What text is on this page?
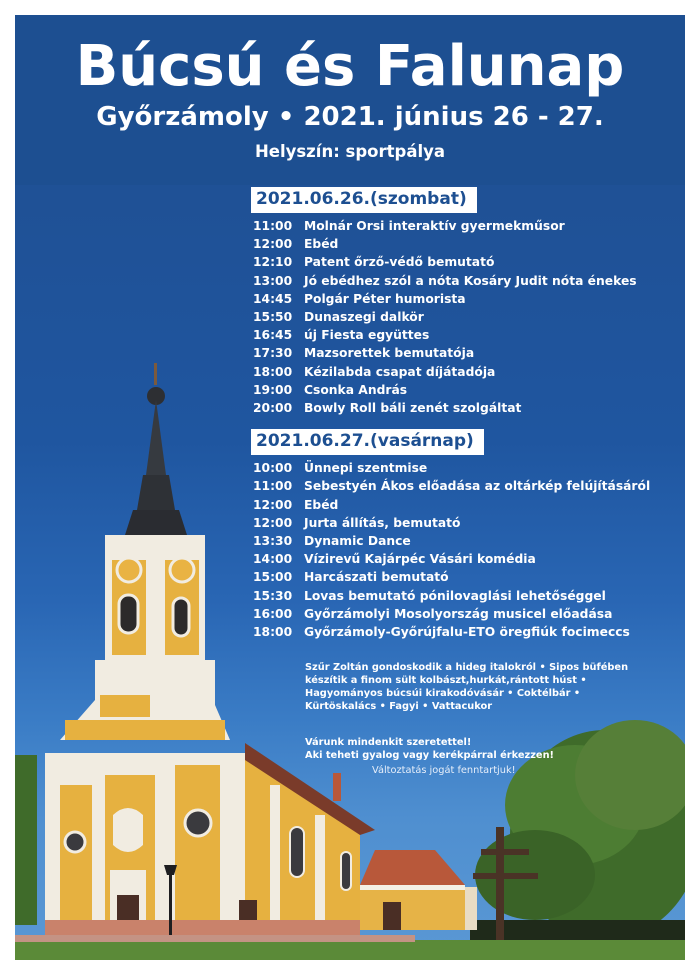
Búcsú és Falunap
Győrzámoly • 2021. június 26 - 27.
Helyszín: sportpálya
2021.06.26.(szombat)
11:00 Molnár Orsi interaktív gyermekműsor
12:00 Ebéd
12:10 Patent őrző-védő bemutató
13:00 Jó ebédhez szól a nóta Kosáry Judit nóta énekes
14:45 Polgár Péter humorista
15:50 Dunaszegi dalkör
16:45 új Fiesta együttes
17:30 Mazsorettek bemutatója
18:00 Kézilabda csapat díjátadója
19:00 Csonka András
20:00 Bowly Roll báli zenét szolgáltat
2021.06.27.(vasárnap)
10:00 Ünnepi szentmise
11:00 Sebestyén Ákos előadása az oltárkép felújításáról
12:00 Ebéd
12:00 Jurta állítás, bemutató
13:30 Dynamic Dance
14:00 Vízirevű Kajárpéc Vásári komédia
15:00 Harcászati bemutató
15:30 Lovas bemutató pónilovaglási lehetőséggel
16:00 Győrzámolyi Mosolyország musicel előadása
18:00 Győrzámoly-Győrújfalu-ETO öregfiúk focimeccs
Szűr Zoltán gondoskodik a hideg italokról • Sipos büfében
készítik a finom sült kolbászt,hurkát,rántott húst •
Hagyományos búcsúi kirakodóvásár • Coktélbár •
Kürtöskalács • Fagyi • Vattacukor
Várunk mindenkit szeretettel!
Aki teheti gyalog vagy kerékpárral érkezzen!
Változtatás jogát fenntartjuk!
